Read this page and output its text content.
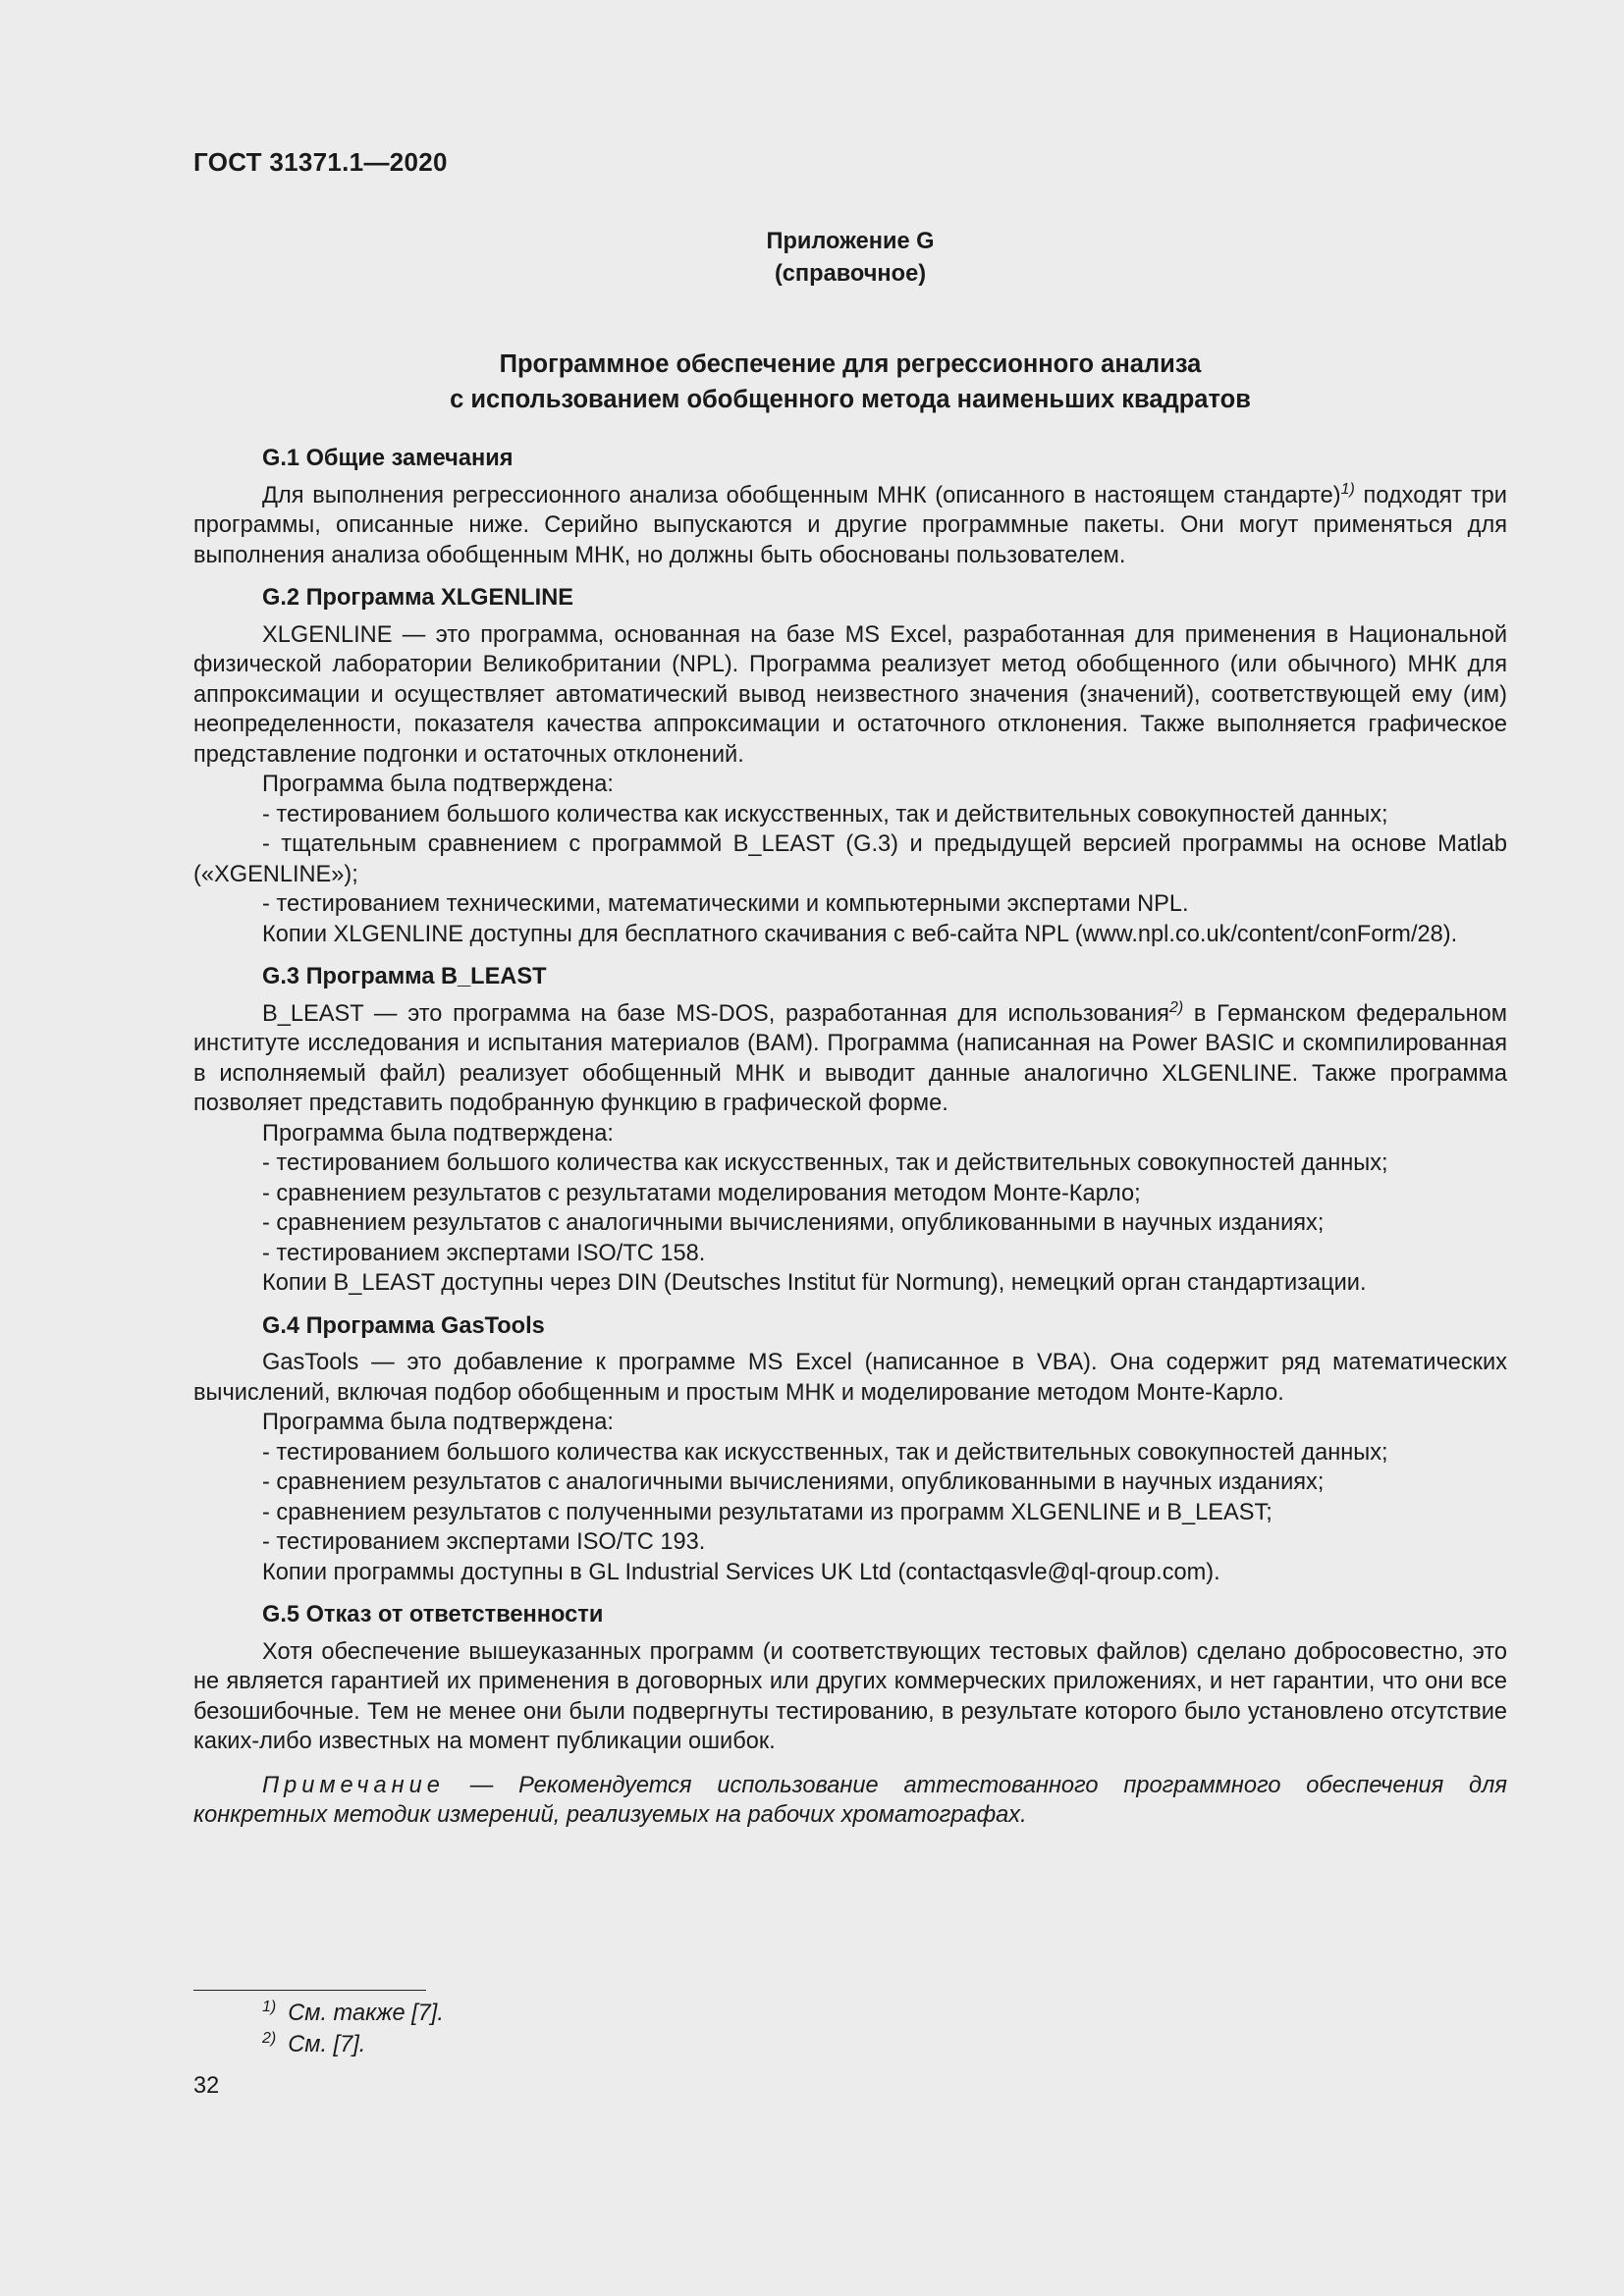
ГОСТ 31371.1—2020
Приложение G
(справочное)
Программное обеспечение для регрессионного анализа
с использованием обобщенного метода наименьших квадратов
G.1 Общие замечания

Для выполнения регрессионного анализа обобщенным МНК (описанного в настоящем стандарте)$^{1)}$ подходят три программы, описанные ниже. Серийно выпускаются и другие программные пакеты. Они могут применяться для выполнения анализа обобщенным МНК, но должны быть обоснованы пользователем.

G.2 Программа XLGENLINE

XLGENLINE — это программа, основанная на базе MS Excel, разработанная для применения в Национальной физической лаборатории Великобритании (NPL). Программа реализует метод обобщенного (или обычного) МНК для аппроксимации и осуществляет автоматический вывод неизвестного значения (значений), соответствующей ему (им) неопределенности, показателя качества аппроксимации и остаточного отклонения. Также выполняется графическое представление подгонки и остаточных отклонений.

Программа была подтверждена:

- тестированием большого количества как искусственных, так и действительных совокупностей данных;

- тщательным сравнением с программой B_LEAST (G.3) и предыдущей версией программы на основе Matlab («XGENLINE»);

- тестированием техническими, математическими и компьютерными экспертами NPL.

Копии XLGENLINE доступны для бесплатного скачивания с веб-сайта NPL (www.npl.co.uk/content/conForm/28).

G.3 Программа B_LEAST

B_LEAST — это программа на базе MS-DOS, разработанная для использования$^{2)}$ в Германском федеральном институте исследования и испытания материалов (BAM). Программа (написанная на Power BASIC и скомпилированная в исполняемый файл) реализует обобщенный МНК и выводит данные аналогично XLGENLINE. Также программа позволяет представить подобранную функцию в графической форме.

Программа была подтверждена:

- тестированием большого количества как искусственных, так и действительных совокупностей данных;

- сравнением результатов с результатами моделирования методом Монте-Карло;

- сравнением результатов с аналогичными вычислениями, опубликованными в научных изданиях;

- тестированием экспертами ISO/TC 158.

Копии B_LEAST доступны через DIN (Deutsches Institut für Normung), немецкий орган стандартизации.

G.4 Программа GasTools

GasTools — это добавление к программе MS Excel (написанное в VBA). Она содержит ряд математических вычислений, включая подбор обобщенным и простым МНК и моделирование методом Монте-Карло.

Программа была подтверждена:

- тестированием большого количества как искусственных, так и действительных совокупностей данных;

- сравнением результатов с аналогичными вычислениями, опубликованными в научных изданиях;

- сравнением результатов с полученными результатами из программ XLGENLINE и B_LEAST;

- тестированием экспертами ISO/TC 193.

Копии программы доступны в GL Industrial Services UK Ltd (contactqasvle@ql-qroup.com).

G.5 Отказ от ответственности

Хотя обеспечение вышеуказанных программ (и соответствующих тестовых файлов) сделано добросовестно, это не является гарантией их применения в договорных или других коммерческих приложениях, и нет гарантии, что они все безошибочные. Тем не менее они были подвергнуты тестированию, в результате которого было установлено отсутствие каких-либо известных на момент публикации ошибок.

Примечание — Рекомендуется использование аттестованного программного обеспечения для конкретных методик измерений, реализуемых на рабочих хроматографах.

$^{1)}$ См. также [7].
$^{2)}$ См. [7].
32
